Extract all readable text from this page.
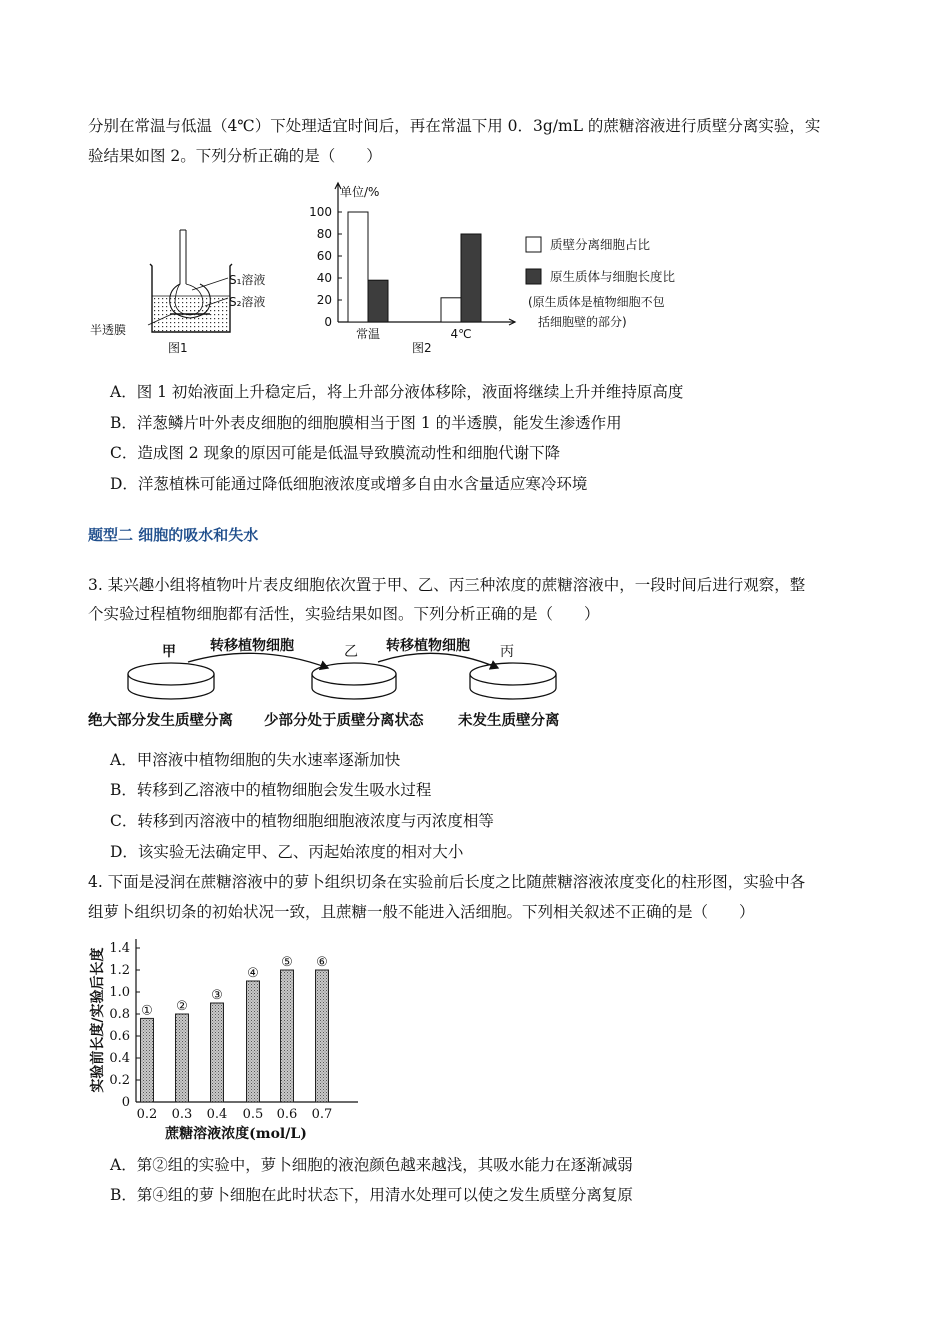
分别在常温与低温（4℃）下处理适宜时间后，再在常温下用 0．3g/mL 的蔗糖溶液进行质壁分离实验，实
验结果如图 2。下列分析正确的是（　　）
S₁溶液
S₂溶液
半透膜
图1
0
20
40
60
80
100
常温	4℃
单位/%
图2
质壁分离细胞占比
原生质体与细胞长度比
(原生质体是植物细胞不包
括细胞壁的部分)
A．图 1 初始液面上升稳定后，将上升部分液体移除，液面将继续上升并维持原高度
B．洋葱鳞片叶外表皮细胞的细胞膜相当于图 1 的半透膜，能发生渗透作用
C．造成图 2 现象的原因可能是低温导致膜流动性和细胞代谢下降
D．洋葱植株可能通过降低细胞液浓度或增多自由水含量适应寒冷环境
题型二 细胞的吸水和失水
3. 某兴趣小组将植物叶片表皮细胞依次置于甲、乙、丙三种浓度的蔗糖溶液中，一段时间后进行观察，整
个实验过程植物细胞都有活性，实验结果如图。下列分析正确的是（　　）
甲	乙	丙
转移植物细胞	转移植物细胞
绝大部分发生质壁分离 少部分处于质壁分离状态 未发生质壁分离
A．甲溶液中植物细胞的失水速率逐渐加快
B．转移到乙溶液中的植物细胞会发生吸水过程
C．转移到丙溶液中的植物细胞细胞液浓度与丙浓度相等
D．该实验无法确定甲、乙、丙起始浓度的相对大小
4. 下面是浸润在蔗糖溶液中的萝卜组织切条在实验前后长度之比随蔗糖溶液浓度变化的柱形图，实验中各
组萝卜组织切条的初始状况一致，且蔗糖一般不能进入活细胞。下列相关叙述不正确的是（　　）
0
0.2
0.4
0.6
0.8
1.0
1.2
1.4
①
0.2
②
0.3
③
0.4
④
0.5
⑤
0.6
⑥
0.7
实验前长度/实验后长度
蔗糖溶液浓度(mol/L)
A．第②组的实验中，萝卜细胞的液泡颜色越来越浅，其吸水能力在逐渐减弱
B．第④组的萝卜细胞在此时状态下，用清水处理可以使之发生质壁分离复原
